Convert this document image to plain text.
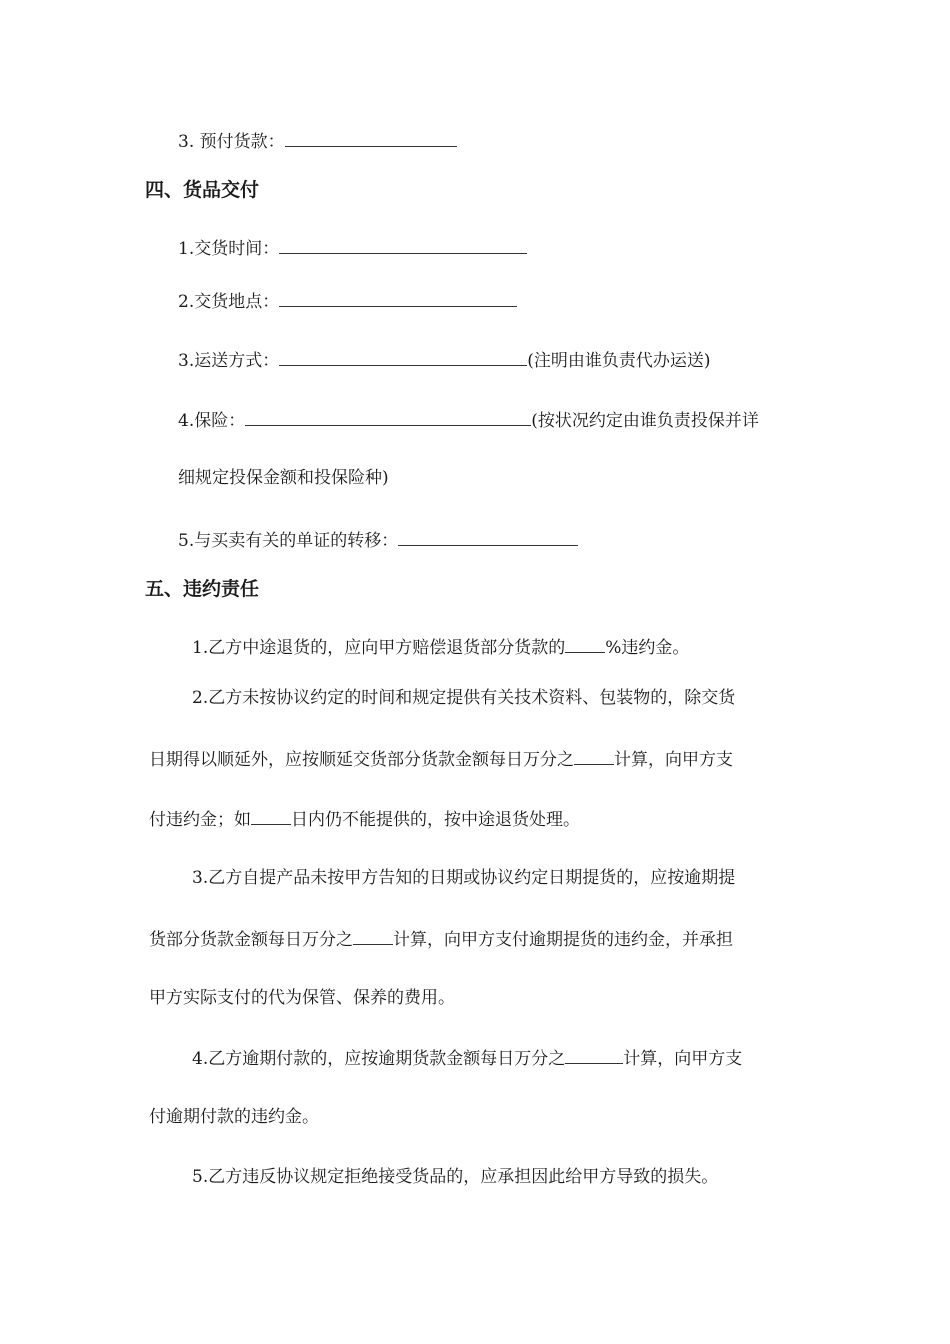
3. 预付货款：
四、货品交付
1.交货时间：
2.交货地点：
3.运送方式：	(注明由谁负责代办运送)
4.保险：	(按状况约定由谁负责投保并详
细规定投保金额和投保险种)
5.与买卖有关的单证的转移：
五、违约责任
1.乙方中途退货的，应向甲方赔偿退货部分货款的 %违约金。
2.乙方未按协议约定的时间和规定提供有关技术资料、包装物的，除交货
日期得以顺延外，应按顺延交货部分货款金额每日万分之 计算，向甲方支
付违约金；如 日内仍不能提供的，按中途退货处理。
3.乙方自提产品未按甲方告知的日期或协议约定日期提货的，应按逾期提
货部分货款金额每日万分之 计算，向甲方支付逾期提货的违约金，并承担
甲方实际支付的代为保管、保养的费用。
4.乙方逾期付款的，应按逾期货款金额每日万分之	计算，向甲方支
付逾期付款的违约金。
5.乙方违反协议规定拒绝接受货品的，应承担因此给甲方导致的损失。
